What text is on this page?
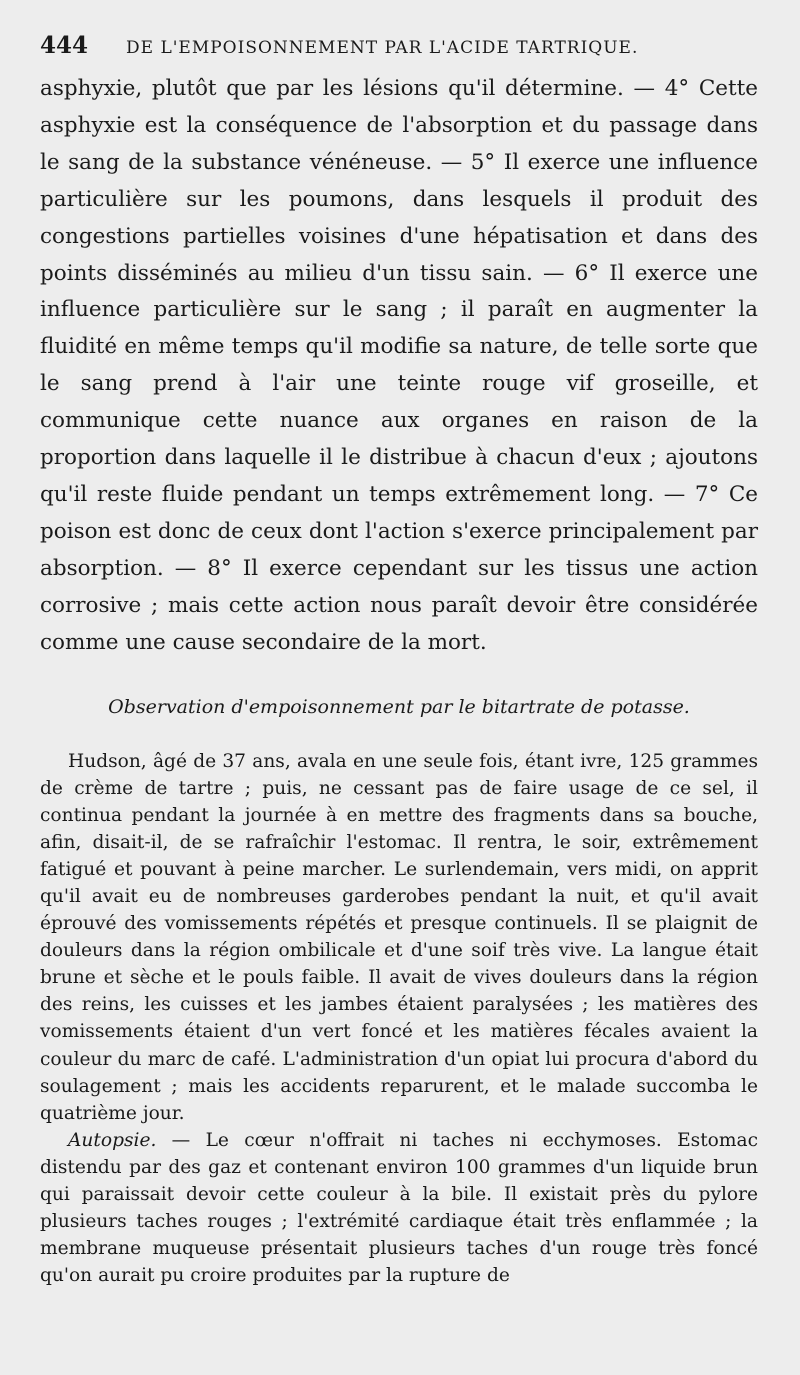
444	DE L'EMPOISONNEMENT PAR L'ACIDE TARTRIQUE.

asphyxie, plutôt que par les lésions qu'il détermine. — 4° Cette asphyxie est la conséquence de l'absorption et du passage dans le sang de la substance vénéneuse. — 5° Il exerce une influence particulière sur les poumons, dans lesquels il produit des congestions partielles voisines d'une hépatisation et dans des points disséminés au milieu d'un tissu sain. — 6° Il exerce une influence particulière sur le sang ; il paraît en augmenter la fluidité en même temps qu'il modifie sa nature, de telle sorte que le sang prend à l'air une teinte rouge vif groseille, et communique cette nuance aux organes en raison de la proportion dans laquelle il le distribue à chacun d'eux ; ajoutons qu'il reste fluide pendant un temps extrêmement long. — 7° Ce poison est donc de ceux dont l'action s'exerce principalement par absorption. — 8° Il exerce cependant sur les tissus une action corrosive ; mais cette action nous paraît devoir être considérée comme une cause secondaire de la mort.

Observation d'empoisonnement par le bitartrate de potasse.

Hudson, âgé de 37 ans, avala en une seule fois, étant ivre, 125 grammes de crème de tartre ; puis, ne cessant pas de faire usage de ce sel, il continua pendant la journée à en mettre des fragments dans sa bouche, afin, disait-il, de se rafraîchir l'estomac. Il rentra, le soir, extrêmement fatigué et pouvant à peine marcher. Le surlendemain, vers midi, on apprit qu'il avait eu de nombreuses garderobes pendant la nuit, et qu'il avait éprouvé des vomissements répétés et presque continuels. Il se plaignit de douleurs dans la région ombilicale et d'une soif très vive. La langue était brune et sèche et le pouls faible. Il avait de vives douleurs dans la région des reins, les cuisses et les jambes étaient paralysées ; les matières des vomissements étaient d'un vert foncé et les matières fécales avaient la couleur du marc de café. L'administration d'un opiat lui procura d'abord du soulagement ; mais les accidents reparurent, et le malade succomba le quatrième jour.

Autopsie. — Le cœur n'offrait ni taches ni ecchymoses. Estomac distendu par des gaz et contenant environ 100 grammes d'un liquide brun qui paraissait devoir cette couleur à la bile. Il existait près du pylore plusieurs taches rouges ; l'extrémité cardiaque était très enflammée ; la membrane muqueuse présentait plusieurs taches d'un rouge très foncé qu'on aurait pu croire produites par la rupture de
